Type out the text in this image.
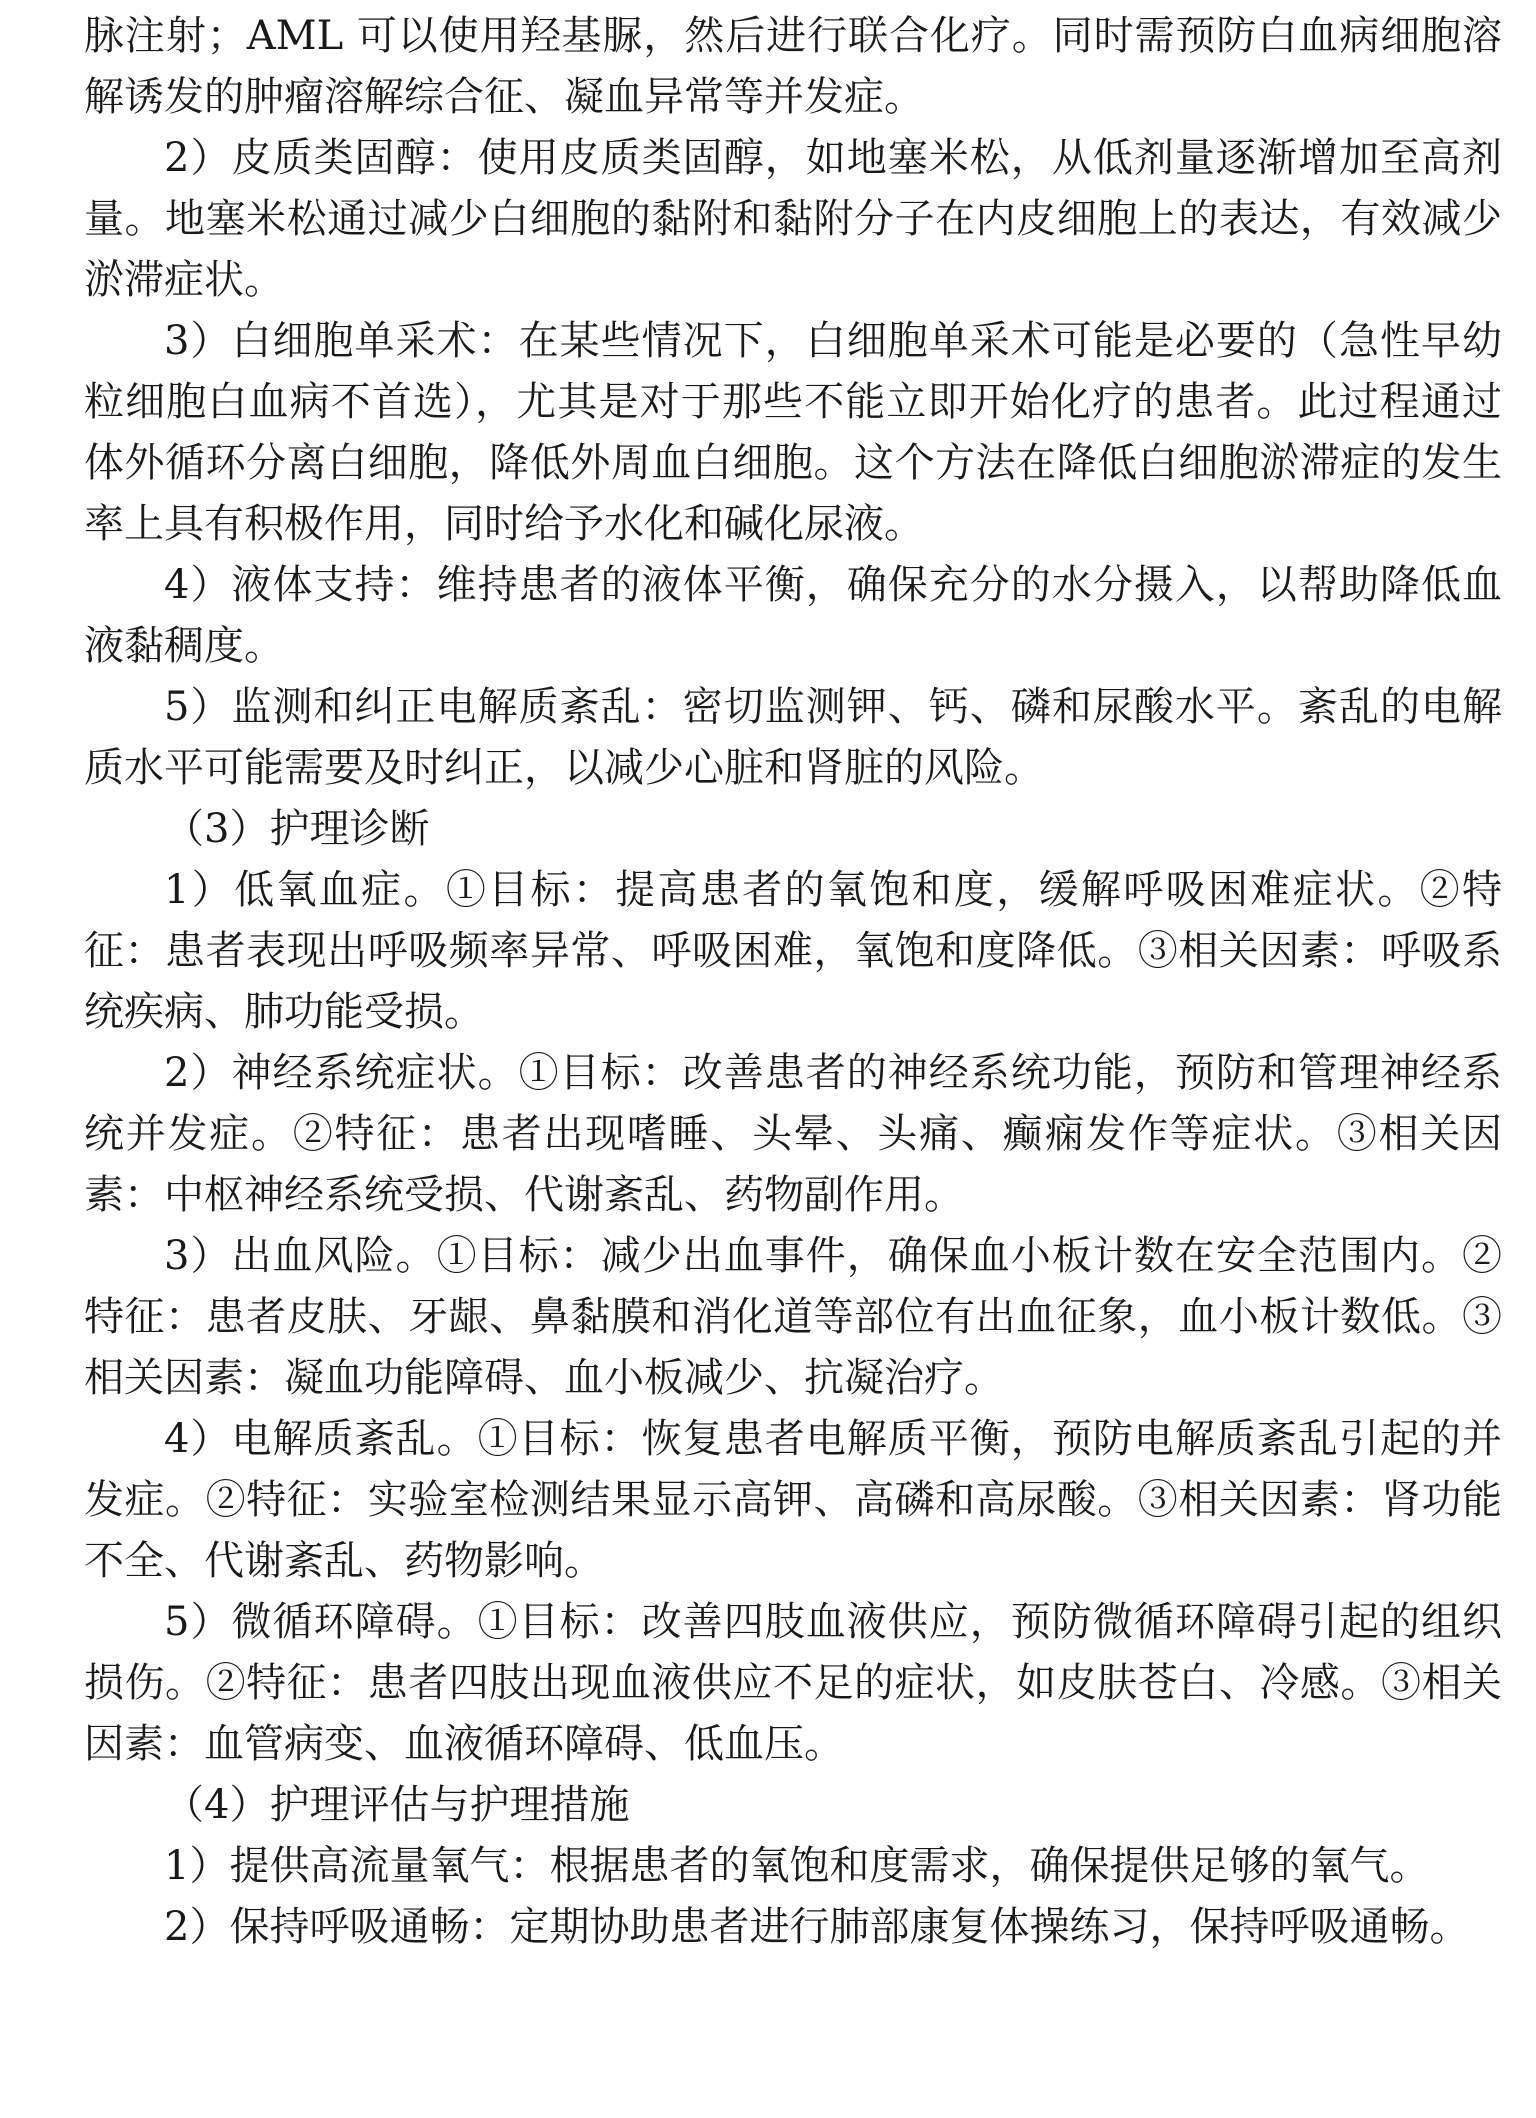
脉注射；AML 可以使用羟基脲，然后进行联合化疗。同时需预防白血病细胞溶解诱发的肿瘤溶解综合征、凝血异常等并发症。

2）皮质类固醇：使用皮质类固醇，如地塞米松，从低剂量逐渐增加至高剂量。地塞米松通过减少白细胞的黏附和黏附分子在内皮细胞上的表达，有效减少淤滞症状。

3）白细胞单采术：在某些情况下，白细胞单采术可能是必要的（急性早幼粒细胞白血病不首选），尤其是对于那些不能立即开始化疗的患者。此过程通过体外循环分离白细胞，降低外周血白细胞。这个方法在降低白细胞淤滞症的发生率上具有积极作用，同时给予水化和碱化尿液。

4）液体支持：维持患者的液体平衡，确保充分的水分摄入，以帮助降低血液黏稠度。

5）监测和纠正电解质紊乱：密切监测钾、钙、磷和尿酸水平。紊乱的电解质水平可能需要及时纠正，以减少心脏和肾脏的风险。

（3）护理诊断

1）低氧血症。①目标：提高患者的氧饱和度，缓解呼吸困难症状。②特征：患者表现出呼吸频率异常、呼吸困难，氧饱和度降低。③相关因素：呼吸系统疾病、肺功能受损。

2）神经系统症状。①目标：改善患者的神经系统功能，预防和管理神经系统并发症。②特征：患者出现嗜睡、头晕、头痛、癫痫发作等症状。③相关因素：中枢神经系统受损、代谢紊乱、药物副作用。

3）出血风险。①目标：减少出血事件，确保血小板计数在安全范围内。②特征：患者皮肤、牙龈、鼻黏膜和消化道等部位有出血征象，血小板计数低。③相关因素：凝血功能障碍、血小板减少、抗凝治疗。

4）电解质紊乱。①目标：恢复患者电解质平衡，预防电解质紊乱引起的并发症。②特征：实验室检测结果显示高钾、高磷和高尿酸。③相关因素：肾功能不全、代谢紊乱、药物影响。

5）微循环障碍。①目标：改善四肢血液供应，预防微循环障碍引起的组织损伤。②特征：患者四肢出现血液供应不足的症状，如皮肤苍白、冷感。③相关因素：血管病变、血液循环障碍、低血压。

（4）护理评估与护理措施

1）提供高流量氧气：根据患者的氧饱和度需求，确保提供足够的氧气。

2）保持呼吸通畅：定期协助患者进行肺部康复体操练习，保持呼吸通畅。
